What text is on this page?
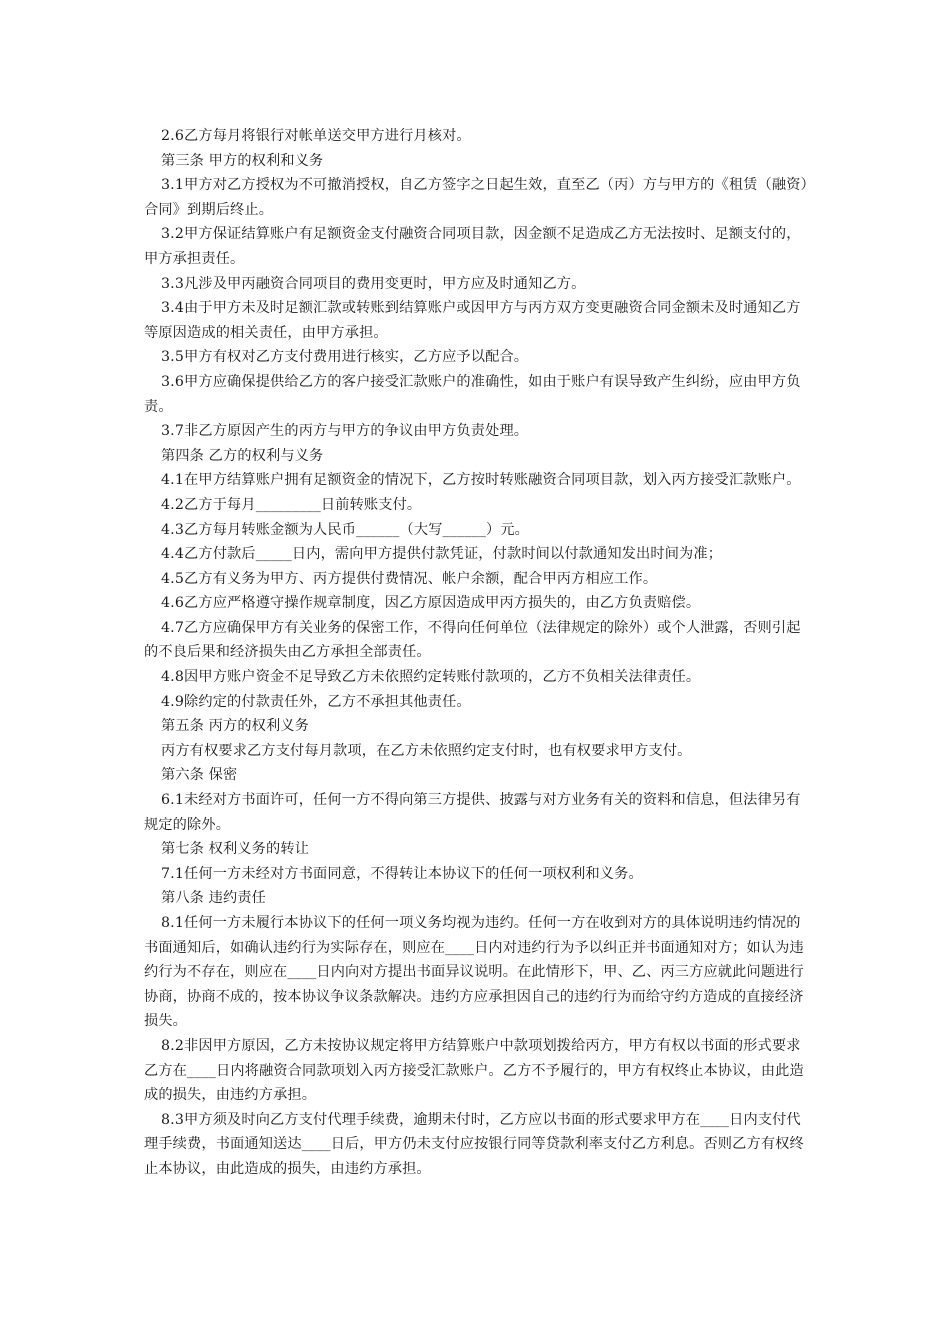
2.6乙方每月将银行对帐单送交甲方进行月核对。

第三条 甲方的权利和义务

3.1甲方对乙方授权为不可撤消授权，自乙方签字之日起生效，直至乙（丙）方与甲方的《租赁（融资）合同》到期后终止。

3.2甲方保证结算账户有足额资金支付融资合同项目款，因金额不足造成乙方无法按时、足额支付的，甲方承担责任。

3.3凡涉及甲丙融资合同项目的费用变更时，甲方应及时通知乙方。

3.4由于甲方未及时足额汇款或转账到结算账户或因甲方与丙方双方变更融资合同金额未及时通知乙方等原因造成的相关责任，由甲方承担。

3.5甲方有权对乙方支付费用进行核实，乙方应予以配合。

3.6甲方应确保提供给乙方的客户接受汇款账户的准确性，如由于账户有误导致产生纠纷，应由甲方负责。

3.7非乙方原因产生的丙方与甲方的争议由甲方负责处理。

第四条 乙方的权利与义务

4.1在甲方结算账户拥有足额资金的情况下，乙方按时转账融资合同项目款，划入丙方接受汇款账户。

4.2乙方于每月_________日前转账支付。

4.3乙方每月转账金额为人民币______（大写______）元。

4.4乙方付款后_____日内，需向甲方提供付款凭证，付款时间以付款通知发出时间为准；

4.5乙方有义务为甲方、丙方提供付费情况、帐户余额，配合甲丙方相应工作。

4.6乙方应严格遵守操作规章制度，因乙方原因造成甲丙方损失的，由乙方负责赔偿。

4.7乙方应确保甲方有关业务的保密工作，不得向任何单位（法律规定的除外）或个人泄露，否则引起的不良后果和经济损失由乙方承担全部责任。

4.8因甲方账户资金不足导致乙方未依照约定转账付款项的，乙方不负相关法律责任。

4.9除约定的付款责任外，乙方不承担其他责任。

第五条 丙方的权利义务

丙方有权要求乙方支付每月款项，在乙方未依照约定支付时，也有权要求甲方支付。

第六条 保密

6.1未经对方书面许可，任何一方不得向第三方提供、披露与对方业务有关的资料和信息，但法律另有规定的除外。

第七条 权利义务的转让

7.1任何一方未经对方书面同意，不得转让本协议下的任何一项权利和义务。

第八条 违约责任

8.1任何一方未履行本协议下的任何一项义务均视为违约。任何一方在收到对方的具体说明违约情况的书面通知后，如确认违约行为实际存在，则应在____日内对违约行为予以纠正并书面通知对方；如认为违约行为不存在，则应在____日内向对方提出书面异议说明。在此情形下，甲、乙、丙三方应就此问题进行协商，协商不成的，按本协议争议条款解决。违约方应承担因自己的违约行为而给守约方造成的直接经济损失。

8.2非因甲方原因，乙方未按协议规定将甲方结算账户中款项划拨给丙方，甲方有权以书面的形式要求乙方在____日内将融资合同款项划入丙方接受汇款账户。乙方不予履行的，甲方有权终止本协议，由此造成的损失，由违约方承担。

8.3甲方须及时向乙方支付代理手续费，逾期未付时，乙方应以书面的形式要求甲方在____日内支付代理手续费，书面通知送达____日后，甲方仍未支付应按银行同等贷款利率支付乙方利息。否则乙方有权终止本协议，由此造成的损失，由违约方承担。
